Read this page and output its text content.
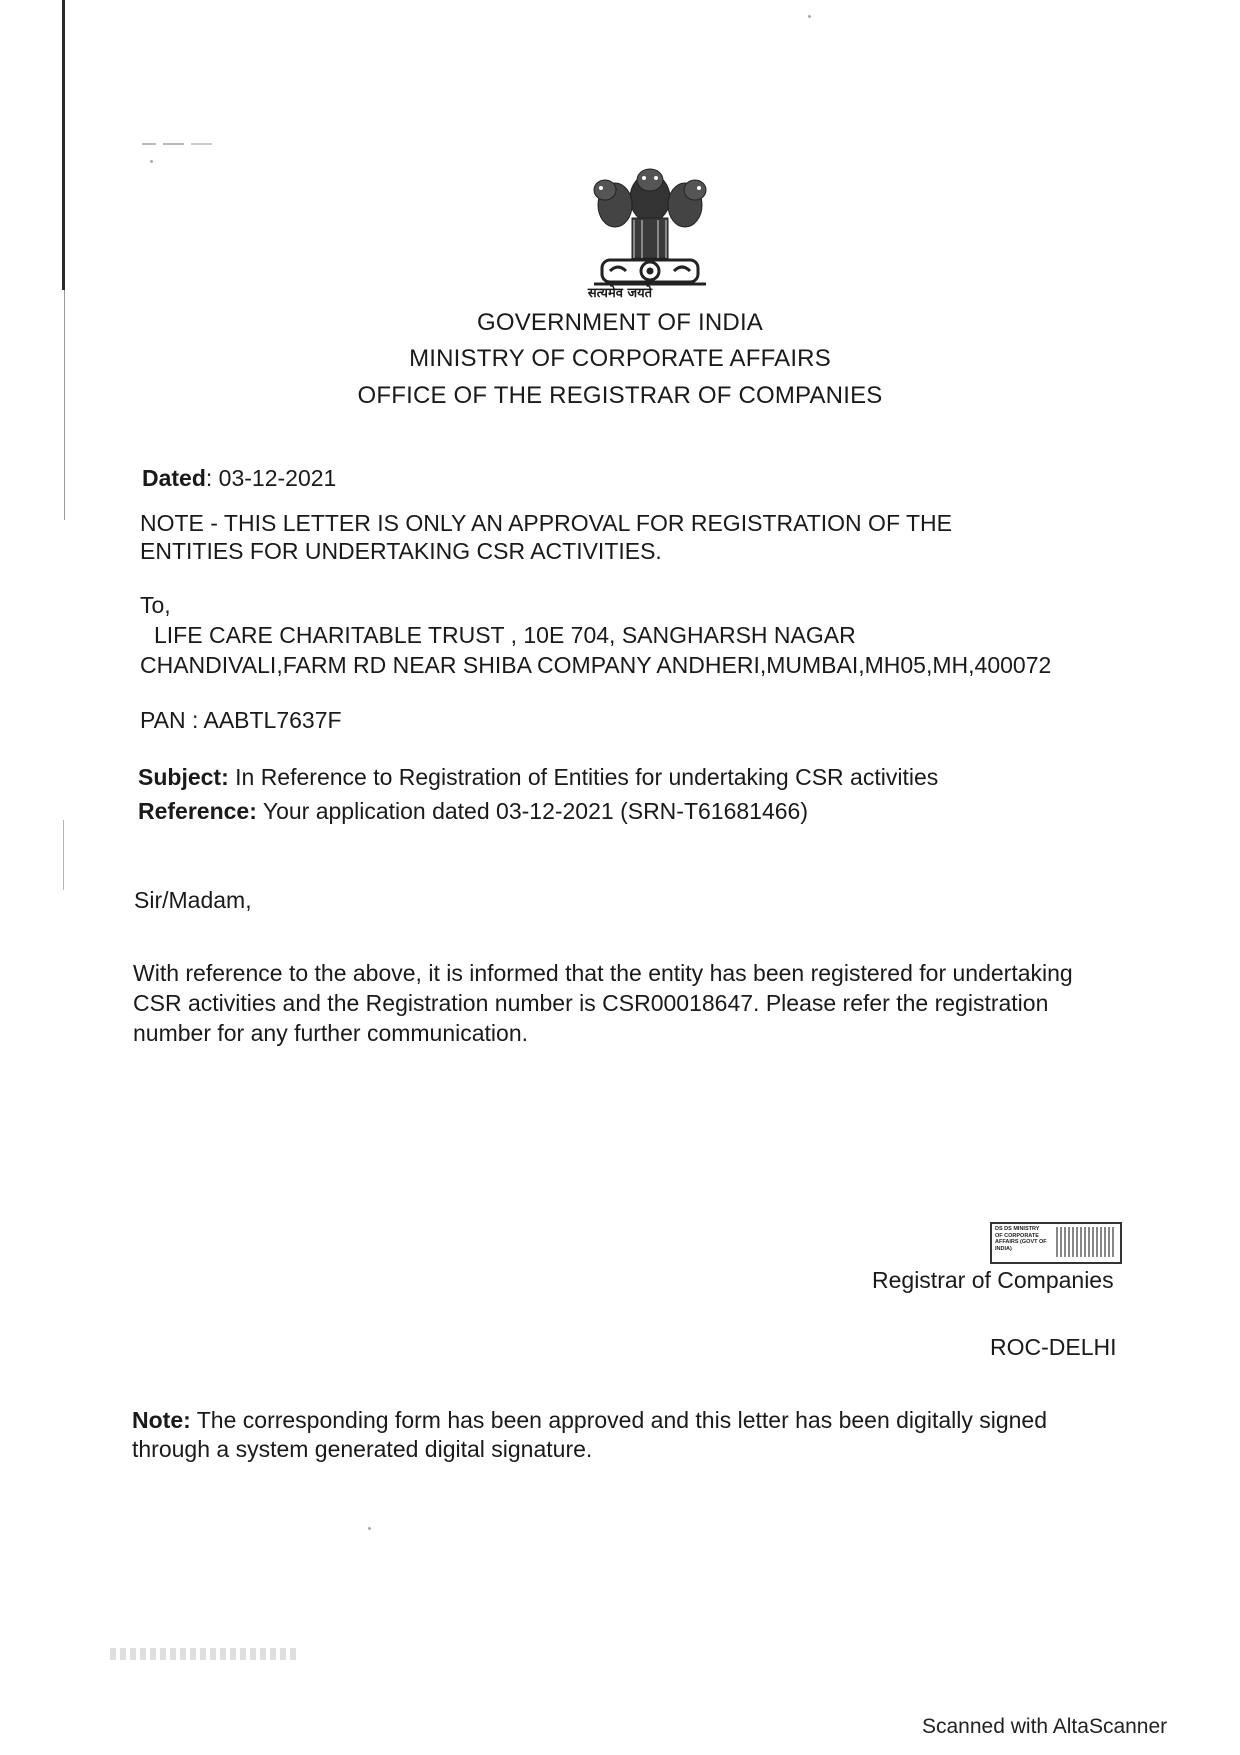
सत्यमेव जयते
GOVERNMENT OF INDIA
MINISTRY OF CORPORATE AFFAIRS
OFFICE OF THE REGISTRAR OF COMPANIES
Dated: 03-12-2021
NOTE - THIS LETTER IS ONLY AN APPROVAL FOR REGISTRATION OF THE
ENTITIES FOR UNDERTAKING CSR ACTIVITIES.
To,
LIFE CARE CHARITABLE TRUST , 10E 704, SANGHARSH NAGAR
CHANDIVALI,FARM RD NEAR SHIBA COMPANY ANDHERI,MUMBAI,MH05,MH,400072
PAN : AABTL7637F
Subject: In Reference to Registration of Entities for undertaking CSR activities
Reference: Your application dated 03-12-2021 (SRN-T61681466)
Sir/Madam,
With reference to the above, it is informed that the entity has been registered for undertaking
CSR activities and the Registration number is CSR00018647. Please refer the registration
number for any further communication.
DS DS MINISTRY
OF CORPORATE
AFFAIRS (GOVT OF
INDIA)
Registrar of Companies
ROC-DELHI
Note: The corresponding form has been approved and this letter has been digitally signed
through a system generated digital signature.
Scanned with AltaScanner
